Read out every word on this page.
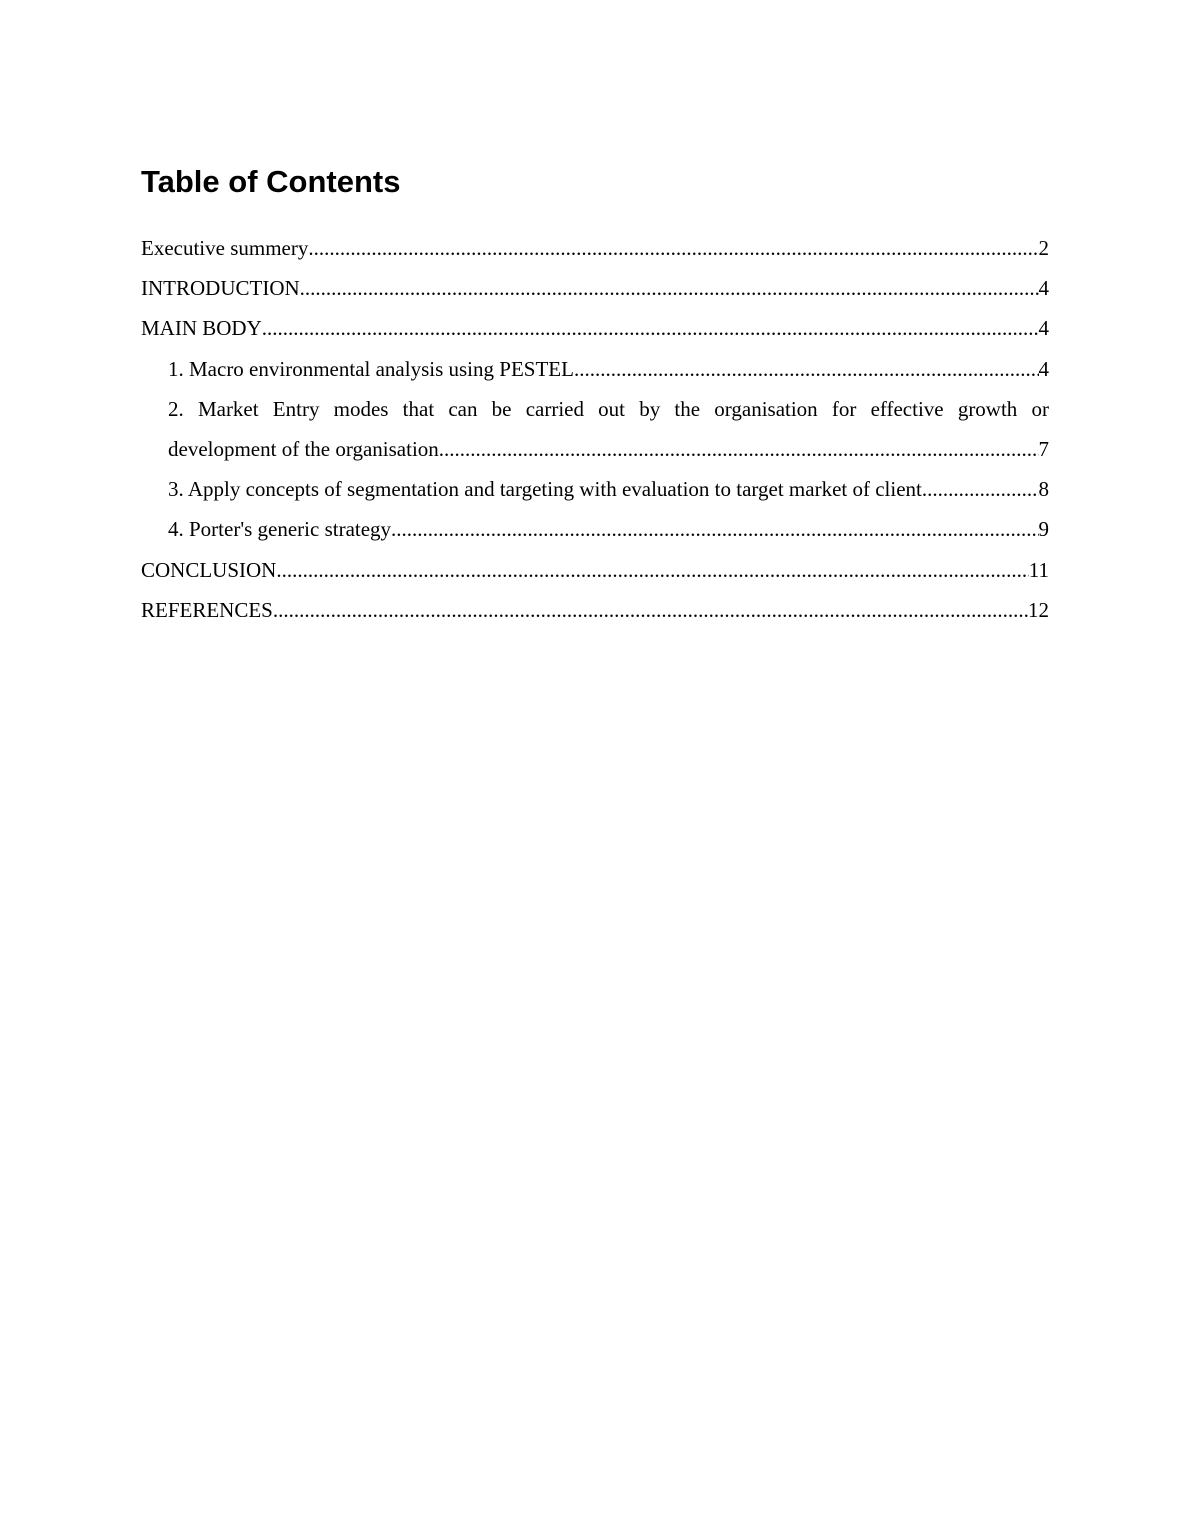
Table of Contents
Executive summery .....	2
INTRODUCTION .....	4
MAIN BODY .....	4
1. Macro environmental analysis using PESTEL .....	4
2. Market Entry modes that can be carried out by the organisation for effective growth or
development of the organisation .....	7
3. Apply concepts of segmentation and targeting with evaluation to target market of client .....	8
4. Porter's generic strategy .....	9
CONCLUSION .....	11
REFERENCES .....	12
